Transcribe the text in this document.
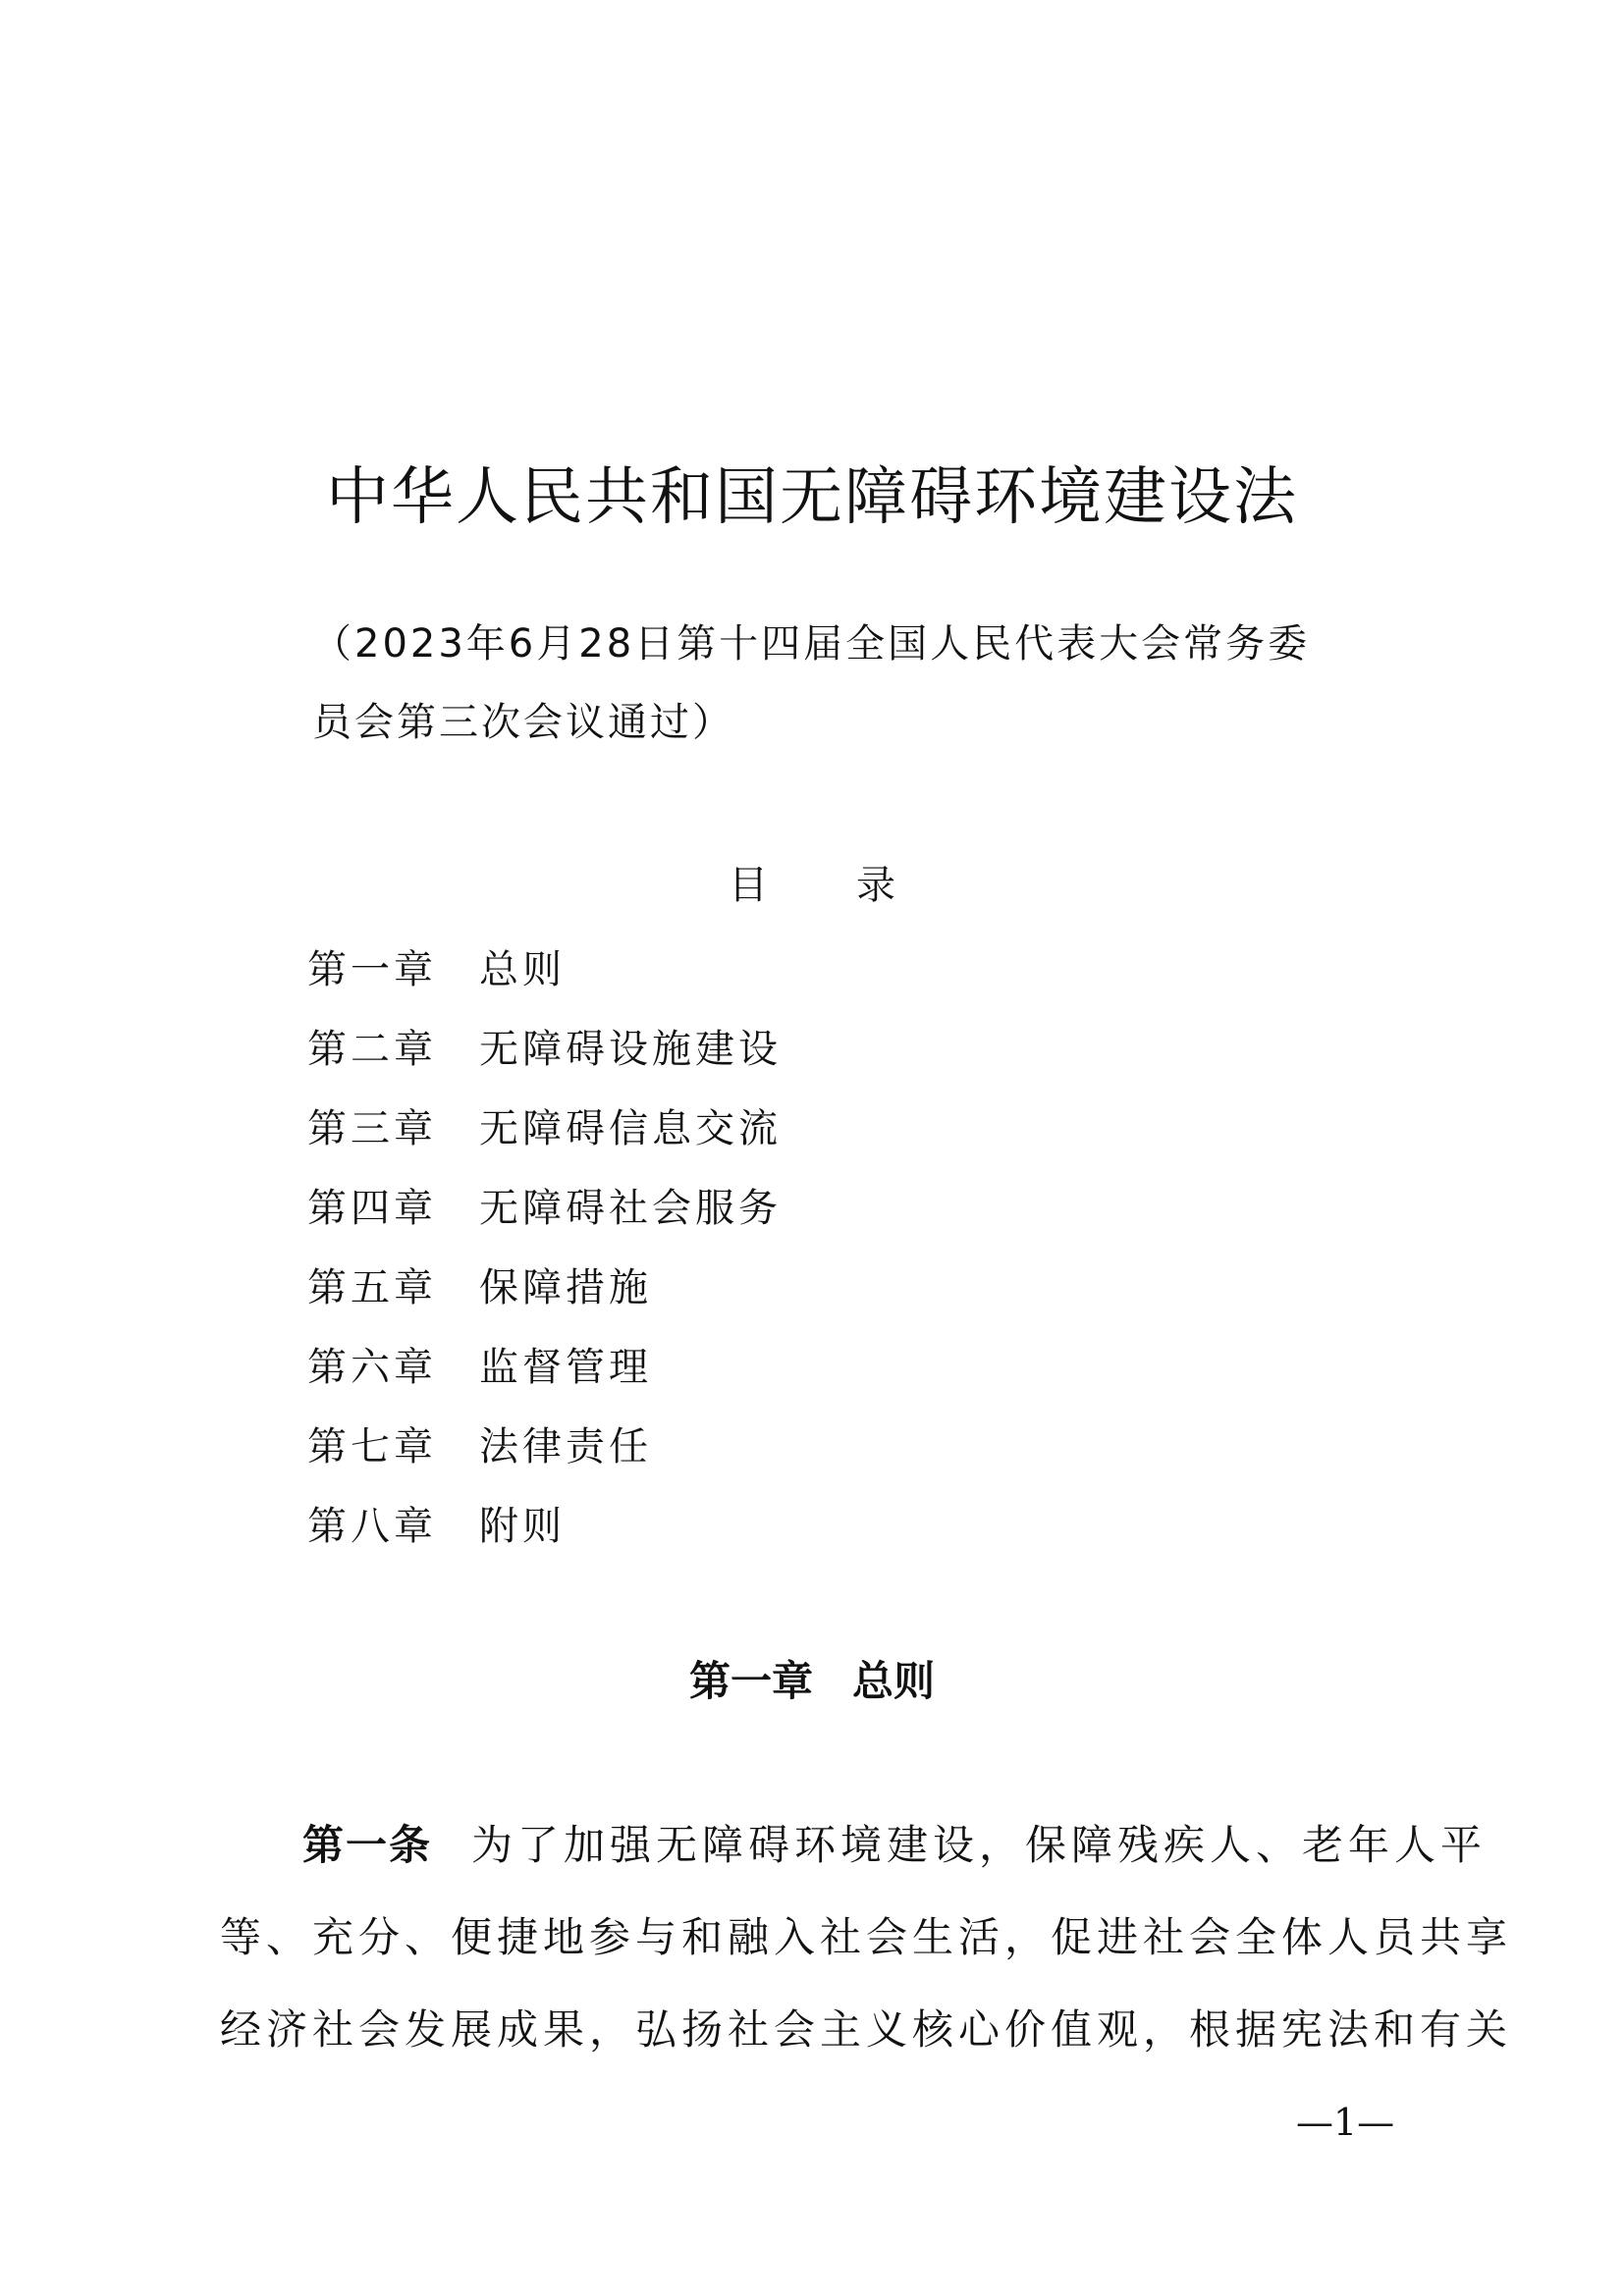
中华人民共和国无障碍环境建设法
（2023年6月28日第十四届全国人民代表大会常务委
员会第三次会议通过）
目 录
第一章 总则
第二章 无障碍设施建设
第三章 无障碍信息交流
第四章 无障碍社会服务
第五章 保障措施
第六章 监督管理
第七章 法律责任
第八章 附则
第一章 总则
第一条 为了加强无障碍环境建设，保障残疾人、老年人平
等、充分、便捷地参与和融入社会生活，促进社会全体人员共享
经济社会发展成果，弘扬社会主义核心价值观，根据宪法和有关
—1—
